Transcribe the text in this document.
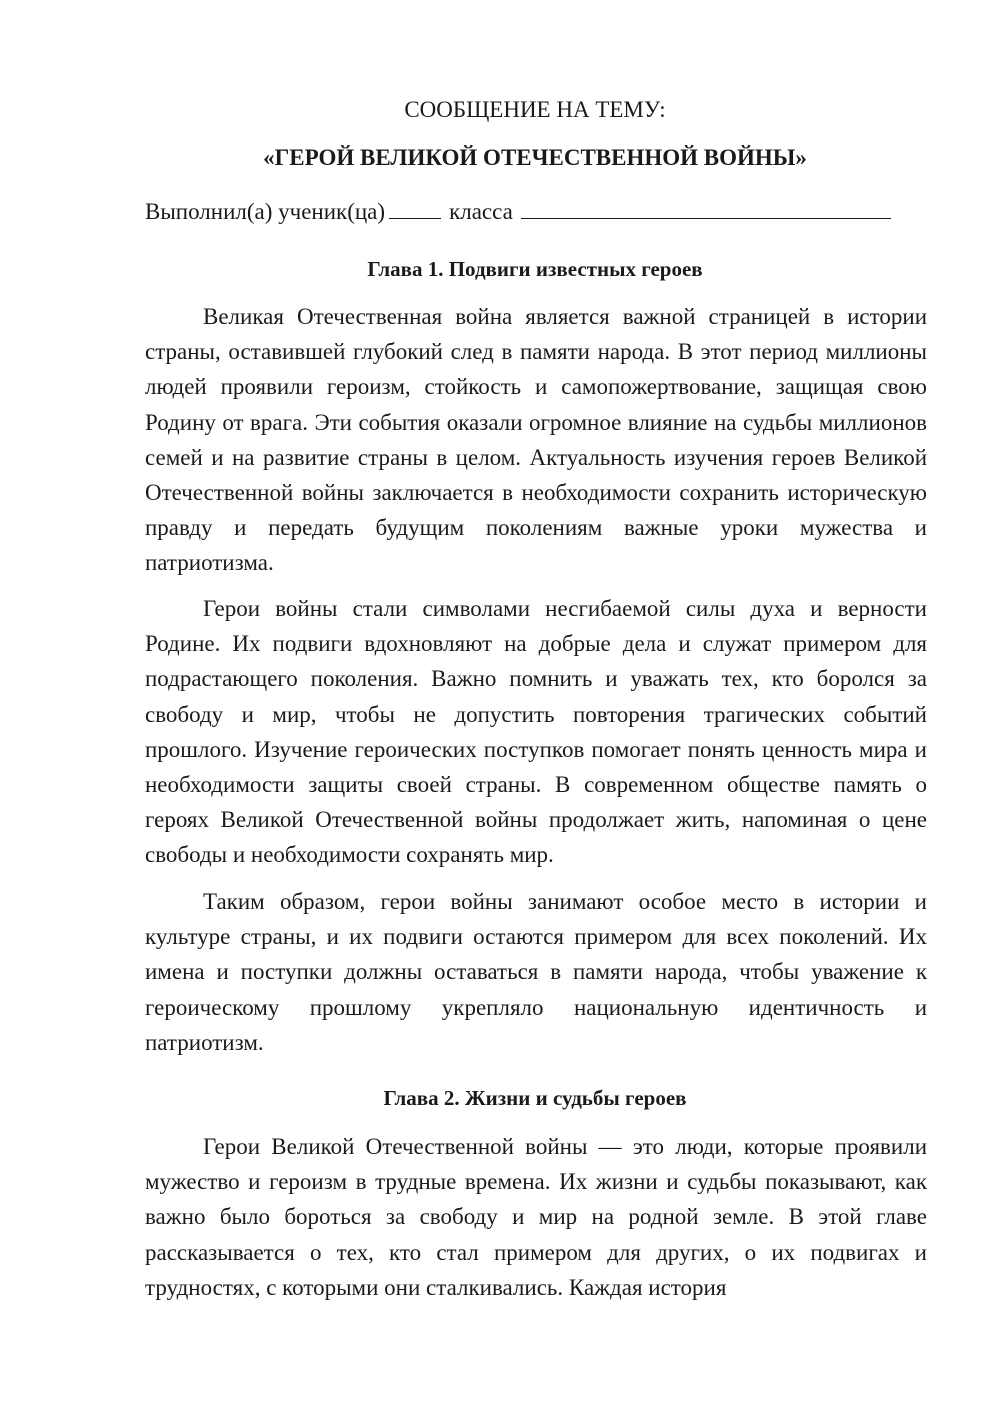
СООБЩЕНИЕ НА ТЕМУ:
«ГЕРОЙ ВЕЛИКОЙ ОТЕЧЕСТВЕННОЙ ВОЙНЫ»
Выполнил(а) ученик(ца)	класса
Глава 1. Подвиги известных героев

Великая Отечественная война является важной страницей в истории страны, оставившей глубокий след в памяти народа. В этот период миллионы людей проявили героизм, стойкость и самопожертвование, защищая свою Родину от врага. Эти события оказали огромное влияние на судьбы миллионов семей и на развитие страны в целом. Актуальность изучения героев Великой Отечественной войны заключается в необходимости сохранить историческую правду и передать будущим поколениям важные уроки мужества и патриотизма.

Герои войны стали символами несгибаемой силы духа и верности Родине. Их подвиги вдохновляют на добрые дела и служат примером для подрастающего поколения. Важно помнить и уважать тех, кто боролся за свободу и мир, чтобы не допустить повторения трагических событий прошлого. Изучение героических поступков помогает понять ценность мира и необходимости защиты своей страны. В современном обществе память о героях Великой Отечественной войны продолжает жить, напоминая о цене свободы и необходимости сохранять мир.

Таким образом, герои войны занимают особое место в истории и культуре страны, и их подвиги остаются примером для всех поколений. Их имена и поступки должны оставаться в памяти народа, чтобы уважение к героическому прошлому укрепляло национальную идентичность и патриотизм.

Глава 2. Жизни и судьбы героев

Герои Великой Отечественной войны — это люди, которые проявили мужество и героизм в трудные времена. Их жизни и судьбы показывают, как важно было бороться за свободу и мир на родной земле. В этой главе рассказывается о тех, кто стал примером для других, о их подвигах и трудностях, с которыми они сталкивались. Каждая история
